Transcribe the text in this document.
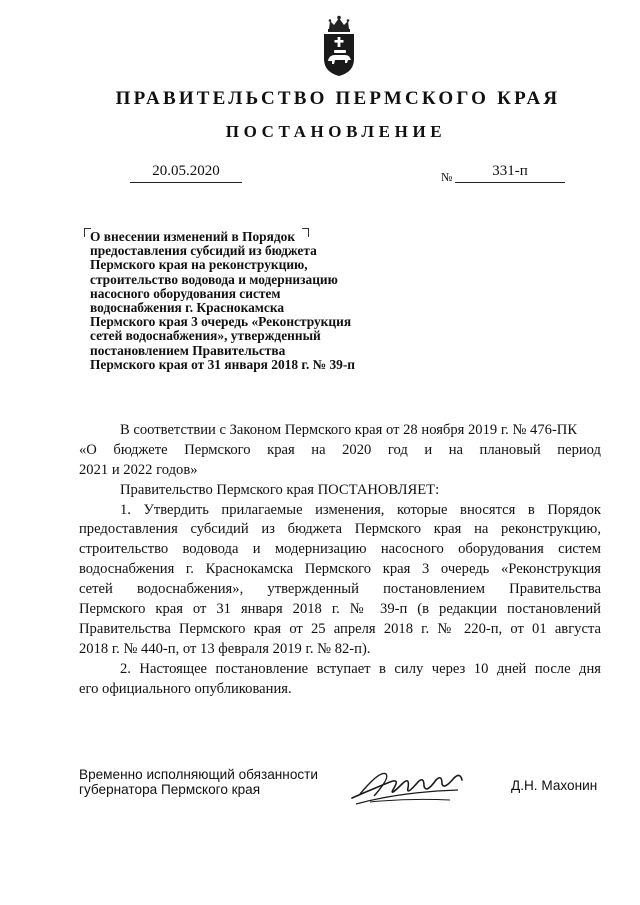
ПРАВИТЕЛЬСТВО ПЕРМСКОГО КРАЯ
ПОСТАНОВЛЕНИЕ
20.05.2020	№	331-п
О внесении изменений в Порядок
предоставления субсидий из бюджета
Пермского края на реконструкцию,
строительство водовода и модернизацию
насосного оборудования систем
водоснабжения г. Краснокамска
Пермского края 3 очередь «Реконструкция
сетей водоснабжения», утвержденный
постановлением Правительства
Пермского края от 31 января 2018 г. № 39-п
В соответствии с Законом Пермского края от 28 ноября 2019 г. № 476-ПК
«О бюджете Пермского края на 2020 год и на плановый период
2021 и 2022 годов»
Правительство Пермского края ПОСТАНОВЛЯЕТ:
1. Утвердить прилагаемые изменения, которые вносятся в Порядок
предоставления субсидий из бюджета Пермского края на реконструкцию,
строительство водовода и модернизацию насосного оборудования систем
водоснабжения г. Краснокамска Пермского края 3 очередь «Реконструкция
сетей водоснабжения», утвержденный постановлением Правительства
Пермского края от 31 января 2018 г. № 39-п (в редакции постановлений
Правительства Пермского края от 25 апреля 2018 г. № 220-п, от 01 августа
2018 г. № 440-п, от 13 февраля 2019 г. № 82-п).
2. Настоящее постановление вступает в силу через 10 дней после дня
его официального опубликования.
Временно исполняющий обязанности
губернатора Пермского края	Д.Н. Махонин
